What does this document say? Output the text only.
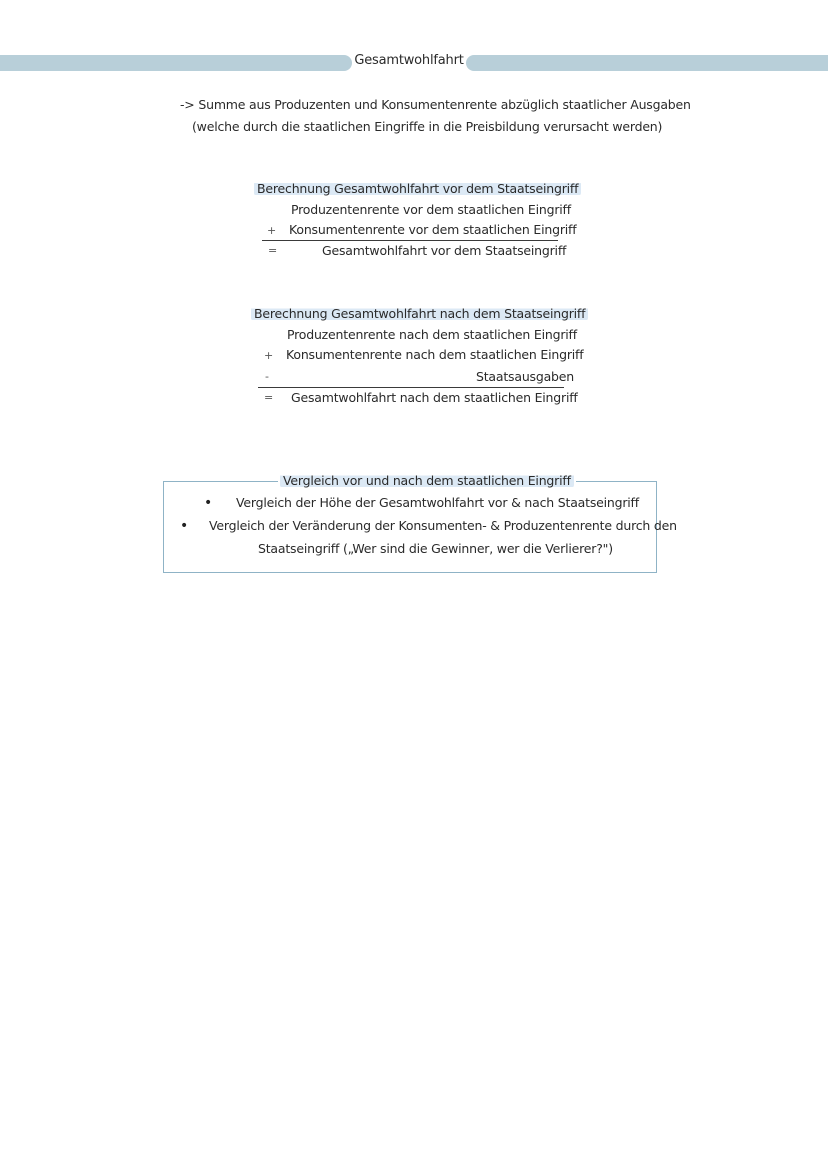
Gesamtwohlfahrt
-> Summe aus Produzenten und Konsumentenrente abzüglich staatlicher Ausgaben
(welche durch die staatlichen Eingriffe in die Preisbildung verursacht werden)
Berechnung Gesamtwohlfahrt vor dem Staatseingriff
Produzentenrente vor dem staatlichen Eingriff
+ Konsumentenrente vor dem staatlichen Eingriff
=	Gesamtwohlfahrt vor dem Staatseingriff
Berechnung Gesamtwohlfahrt nach dem Staatseingriff
Produzentenrente nach dem staatlichen Eingriff
+ Konsumentenrente nach dem staatlichen Eingriff
-	Staatsausgaben
= Gesamtwohlfahrt nach dem staatlichen Eingriff
Vergleich vor und nach dem staatlichen Eingriff
• Vergleich der Höhe der Gesamtwohlfahrt vor & nach Staatseingriff
• Vergleich der Veränderung der Konsumenten- & Produzentenrente durch den
Staatseingriff („Wer sind die Gewinner, wer die Verlierer?")
